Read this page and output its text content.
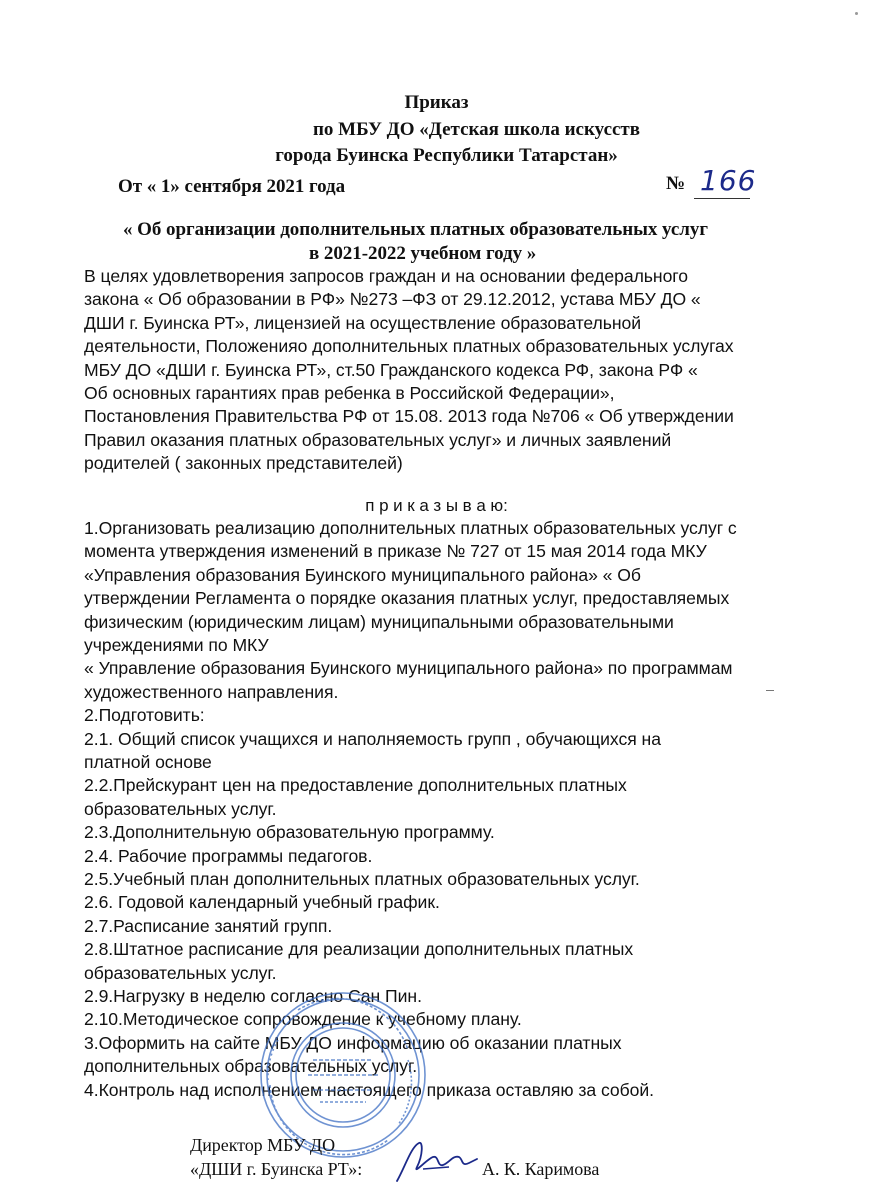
Приказ
по МБУ ДО «Детская школа искусств
города Буинска Республики Татарстан»
От « 1» сентября 2021 года	№ 166
« Об организации дополнительных платных образовательных услуг
в 2021-2022 учебном году »
В целях удовлетворения запросов граждан и на основании федерального
закона « Об образовании в РФ» №273 –ФЗ от 29.12.2012, устава МБУ ДО «
ДШИ г. Буинска РТ», лицензией на осуществление образовательной
деятельности, Положенияо дополнительных платных образовательных услугах
МБУ ДО «ДШИ г. Буинска РТ», ст.50 Гражданского кодекса РФ, закона РФ «
Об основных гарантиях прав ребенка в Российской Федерации»,
Постановления Правительства РФ от 15.08. 2013 года №706 « Об утверждении
Правил оказания платных образовательных услуг» и личных заявлений
родителей ( законных представителей)
п р и к а з ы в а ю:
1.Организовать реализацию дополнительных платных образовательных услуг с
момента утверждения изменений в приказе № 727 от 15 мая 2014 года МКУ
«Управления образования Буинского муниципального района» « Об
утверждении Регламента о порядке оказания платных услуг, предоставляемых
физическим (юридическим лицам) муниципальными образовательными
учреждениями по МКУ
« Управление образования Буинского муниципального района» по программам
художественного направления.
2.Подготовить:
2.1. Общий список учащихся и наполняемость групп , обучающихся на
платной основе
2.2.Прейскурант цен на предоставление дополнительных платных
образовательных услуг.
2.3.Дополнительную образовательную программу.
2.4. Рабочие программы педагогов.
2.5.Учебный план дополнительных платных образовательных услуг.
2.6. Годовой календарный учебный график.
2.7.Расписание занятий групп.
2.8.Штатное расписание для реализации дополнительных платных
образовательных услуг.
2.9.Нагрузку в неделю согласно Сан Пин.
2.10.Методическое сопровождение к учебному плану.
3.Оформить на сайте МБУ ДО информацию об оказании платных
дополнительных образовательных услуг.
4.Контроль над исполнением настоящего приказа оставляю за собой.
Директор МБУ ДО
«ДШИ г. Буинска РТ»:	А. К. Каримова
